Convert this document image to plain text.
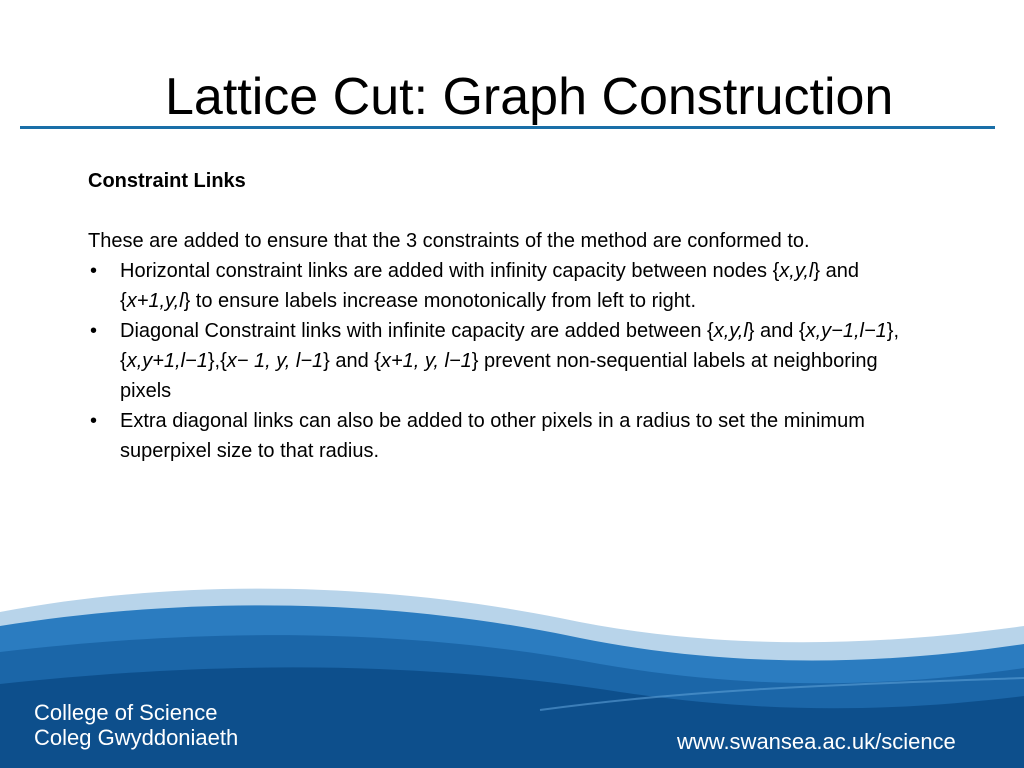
Lattice Cut: Graph Construction

Constraint Links

These are added to ensure that the 3 constraints of the method are conformed to.

• Horizontal constraint links are added with infinity capacity between nodes {x,y,l} and {x+1,y,l} to ensure labels increase monotonically from left to right.
• Diagonal Constraint links with infinite capacity are added between {x,y,l} and {x,y−1,l−1},{x,y+1,l−1},{x− 1, y, l−1} and {x+1, y, l−1} prevent non-sequential labels at neighboring pixels
• Extra diagonal links can also be added to other pixels in a radius to set the minimum superpixel size to that radius.
College of Science
Coleg Gwyddoniaeth	www.swansea.ac.uk/science
